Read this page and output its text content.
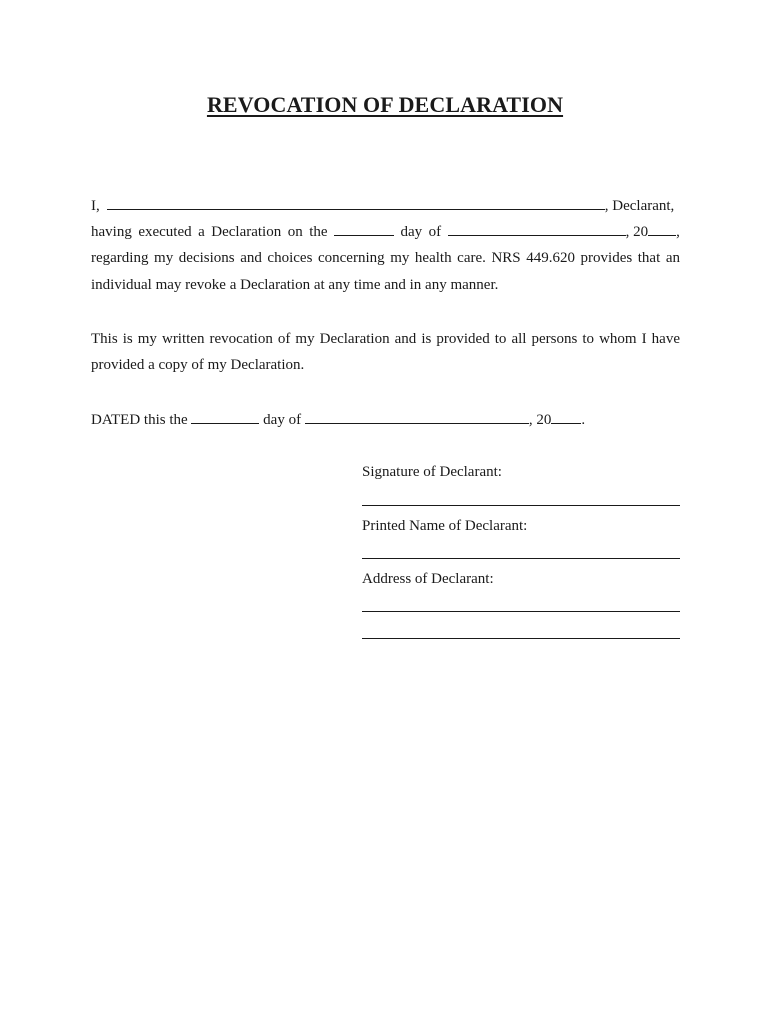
REVOCATION OF DECLARATION
I,	, Declarant,
having executed a Declaration on the	day of	, 20 ,
regarding my decisions and choices concerning my health care. NRS 449.620 provides that an
individual may revoke a Declaration at any time and in any manner.
This is my written revocation of my Declaration and is provided to all persons to whom I have
provided a copy of my Declaration.
DATED this the	day of	, 20 .
Signature of Declarant:
Printed Name of Declarant:
Address of Declarant:
